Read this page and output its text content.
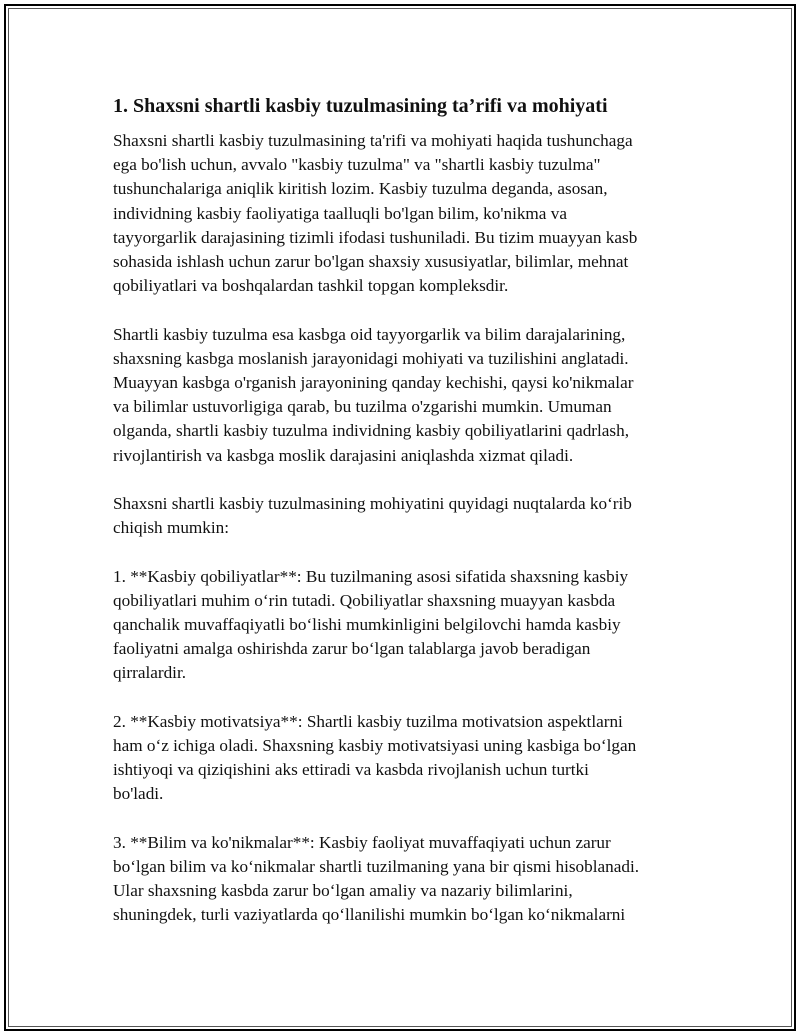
1. Shaxsni shartli kasbiy tuzulmasining ta’rifi va mohiyati
Shaxsni shartli kasbiy tuzulmasining ta'rifi va mohiyati haqida tushunchaga
ega bo'lish uchun, avvalo "kasbiy tuzulma" va "shartli kasbiy tuzulma"
tushunchalariga aniqlik kiritish lozim. Kasbiy tuzulma deganda, asosan,
individning kasbiy faoliyatiga taalluqli bo'lgan bilim, ko'nikma va
tayyorgarlik darajasining tizimli ifodasi tushuniladi. Bu tizim muayyan kasb
sohasida ishlash uchun zarur bo'lgan shaxsiy xususiyatlar, bilimlar, mehnat
qobiliyatlari va boshqalardan tashkil topgan kompleksdir.
Shartli kasbiy tuzulma esa kasbga oid tayyorgarlik va bilim darajalarining,
shaxsning kasbga moslanish jarayonidagi mohiyati va tuzilishini anglatadi.
Muayyan kasbga o'rganish jarayonining qanday kechishi, qaysi ko'nikmalar
va bilimlar ustuvorligiga qarab, bu tuzilma o'zgarishi mumkin. Umuman
olganda, shartli kasbiy tuzulma individning kasbiy qobiliyatlarini qadrlash,
rivojlantirish va kasbga moslik darajasini aniqlashda xizmat qiladi.
Shaxsni shartli kasbiy tuzulmasining mohiyatini quyidagi nuqtalarda ko‘rib
chiqish mumkin:
1. **Kasbiy qobiliyatlar**: Bu tuzilmaning asosi sifatida shaxsning kasbiy
qobiliyatlari muhim o‘rin tutadi. Qobiliyatlar shaxsning muayyan kasbda
qanchalik muvaffaqiyatli bo‘lishi mumkinligini belgilovchi hamda kasbiy
faoliyatni amalga oshirishda zarur bo‘lgan talablarga javob beradigan
qirralardir.
2. **Kasbiy motivatsiya**: Shartli kasbiy tuzilma motivatsion aspektlarni
ham o‘z ichiga oladi. Shaxsning kasbiy motivatsiyasi uning kasbiga bo‘lgan
ishtiyoqi va qiziqishini aks ettiradi va kasbda rivojlanish uchun turtki
bo'ladi.
3. **Bilim va ko'nikmalar**: Kasbiy faoliyat muvaffaqiyati uchun zarur
bo‘lgan bilim va ko‘nikmalar shartli tuzilmaning yana bir qismi hisoblanadi.
Ular shaxsning kasbda zarur bo‘lgan amaliy va nazariy bilimlarini,
shuningdek, turli vaziyatlarda qo‘llanilishi mumkin bo‘lgan ko‘nikmalarni
